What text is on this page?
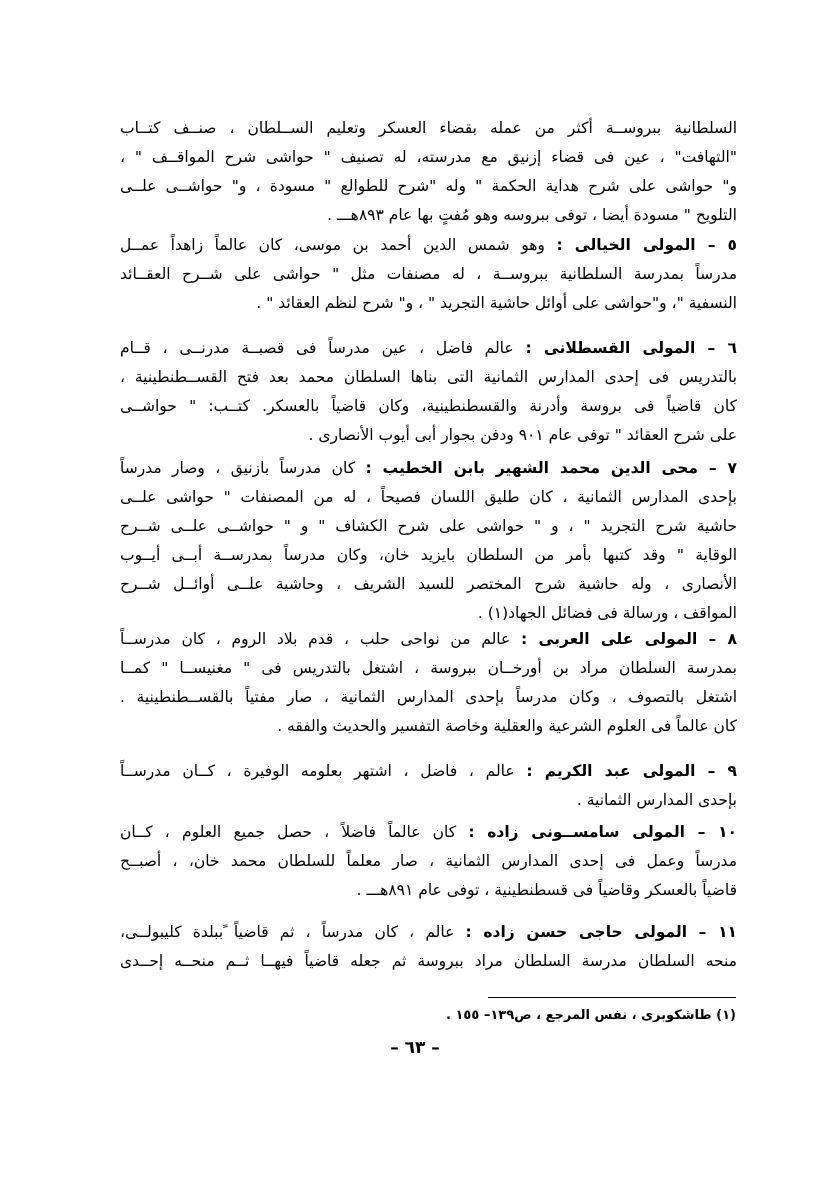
السلطانية ببروســة أكثر من عمله بقضاء العسكر وتعليم الســلطان ، صنــف كتــاب
"التهافت" ، عين فى قضاء إزنيق مع مدرسته، له تصنيف " حواشى شرح المواقــف " ،
و" حواشى على شرح هداية الحكمة " وله "شرح للطوالع " مسودة ، و" حواشــى علــى
التلويح " مسودة أيضا ، توفى ببروسه وهو مُفتٍ بها عام ٨٩٣هـــ .
٥ – المولى الخيالى : وهو شمس الدين أحمد بن موسى، كان عالماً زاهداً عمــل
مدرساً بمدرسة السلطانية ببروســة ، له مصنفات مثل " حواشى على شــرح العقــائد
النسفية "، و"حواشى على أوائل حاشية التجريد " ، و" شرح لنظم العقائد " .
٦ – المولى القسطلانى : عالم فاضل ، عين مدرساً فى قصبــة مدرنــى ، قــام
بالتدريس فى إحدى المدارس الثمانية التى بناها السلطان محمد بعد فتح القســطنطينية ،
كان قاضياً فى بروسة وأدرنة والقسطنطينية، وكان قاضياً بالعسكر. كتــب: " حواشــى
على شرح العقائد " توفى عام ٩٠١ ودفن بجوار أبى أيوب الأنصارى .
٧ – محى الدين محمد الشهير بابن الخطيب : كان مدرساً بازنيق ، وصار مدرساً
بإحدى المدارس الثمانية ، كان طليق اللسان فصيحاً ، له من المصنفات " حواشى علــى
حاشية شرح التجريد " ، و " حواشى على شرح الكشاف " و " حواشــى علــى شــرح
الوقاية " وقد كتبها بأمر من السلطان بايزيد خان، وكان مدرساً بمدرســة أبــى أيــوب
الأنصارى ، وله حاشية شرح المختصر للسيد الشريف ، وحاشية علــى أوائــل شــرح
المواقف ، ورسالة فى فضائل الجهاد(١) .
٨ – المولى على العربى : عالم من نواحى حلب ، قدم بلاد الروم ، كان مدرســاً
بمدرسة السلطان مراد بن أورخــان ببروسة ، اشتغل بالتدريس فى " مغنيســا " كمــا
اشتغل بالتصوف ، وكان مدرساً بإحدى المدارس الثمانية ، صار مفتياً بالقســطنطينية .
كان عالماً فى العلوم الشرعية والعقلية وخاصة التفسير والحديث والفقه .
٩ – المولى عبد الكريم : عالم ، فاضل ، اشتهر بعلومه الوفيرة ، كــان مدرســاً
بإحدى المدارس الثمانية .
١٠ – المولى سامســونى زاده : كان عالماً فاضلاً ، حصل جميع العلوم ، كــان
مدرساً وعمل فى إحدى المدارس الثمانية ، صار معلماً للسلطان محمد خان، ، أصبــح
قاضياً بالعسكر وقاضياً فى قسطنطينية ، توفى عام ٨٩١هـــ .
١١ – المولى حاجى حسن زاده : عالم ، كان مدرساً ، ثم قاضياً ًببلدة كليبولــى،
منحه السلطان مدرسة السلطان مراد ببروسة ثم جعله قاضياً فيهــا ثــم منحــه إحــدى
(١) طاشكوبرى ، نفس المرجع ، ص١٣٩– ١٥٥ .
– ٦٣ –
